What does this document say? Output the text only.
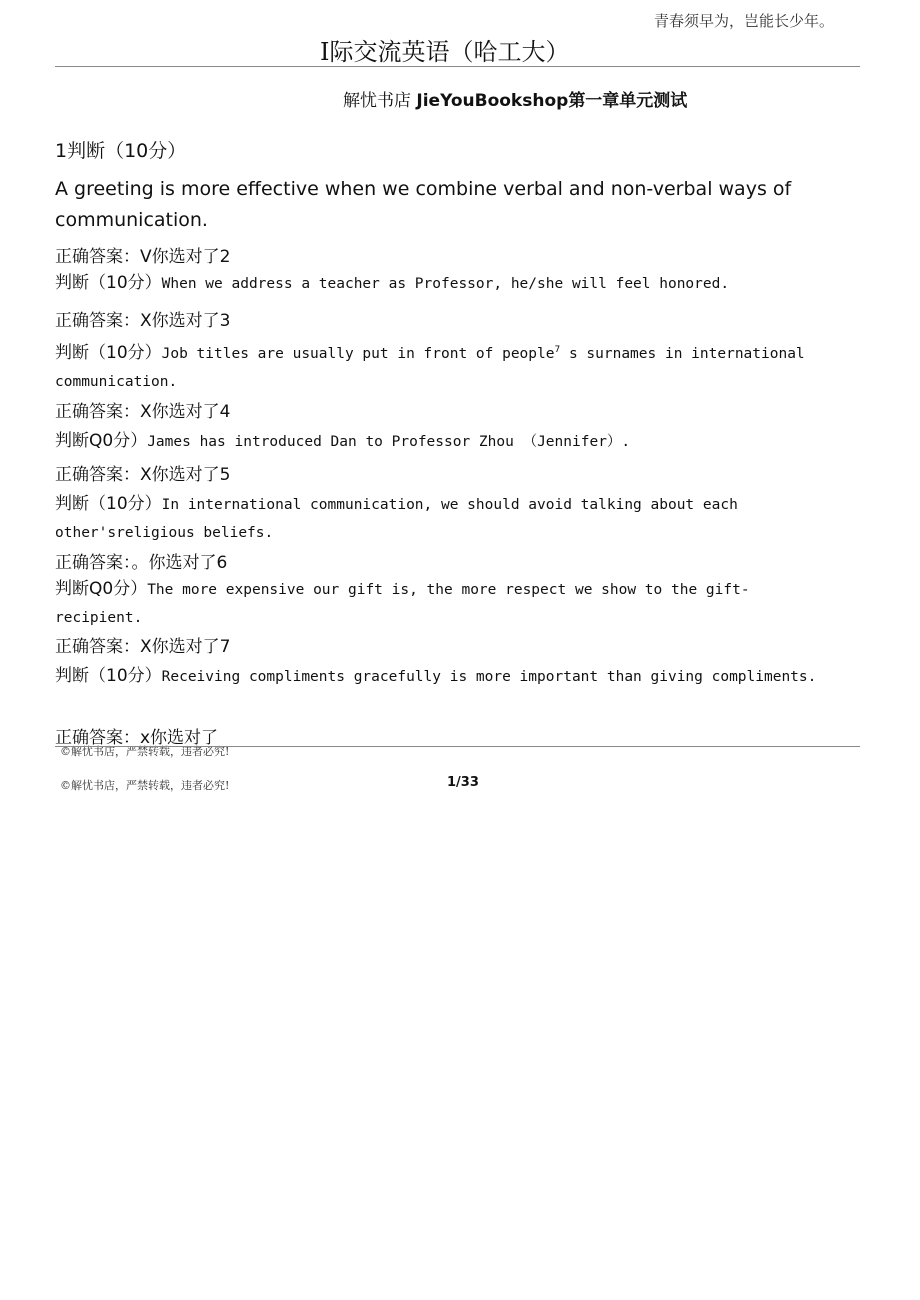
青春须早为，岂能长少年。
Ⅰ际交流英语（哈工大）
解忧书店 JieYouBookshop第一章单元测试
1判断（10分）
A greeting is more effective when we combine verbal and non-verbal ways of communication.
正确答案：V你选对了2
判断（10分）When we address a teacher as Professor, he/she will feel honored.
正确答案：X你选对了3
判断（10分）Job titles are usually put in front of people$^7$ s surnames in international communication.
正确答案：X你选对了4
判断Q0分）James has introduced Dan to Professor Zhou （Jennifer）.
正确答案：X你选对了5
判断（10分）In international communication, we should avoid talking about each other'sreligious beliefs.
正确答案：。你选对了6
判断Q0分）The more expensive our gift is, the more respect we show to the gift-recipient.
正确答案：X你选对了7
判断（10分）Receiving compliments gracefully is more important than giving compliments.
正确答案：x你选对了
©解忧书店，严禁转载，违者必究!
©解忧书店，严禁转载，违者必究!	1/33
